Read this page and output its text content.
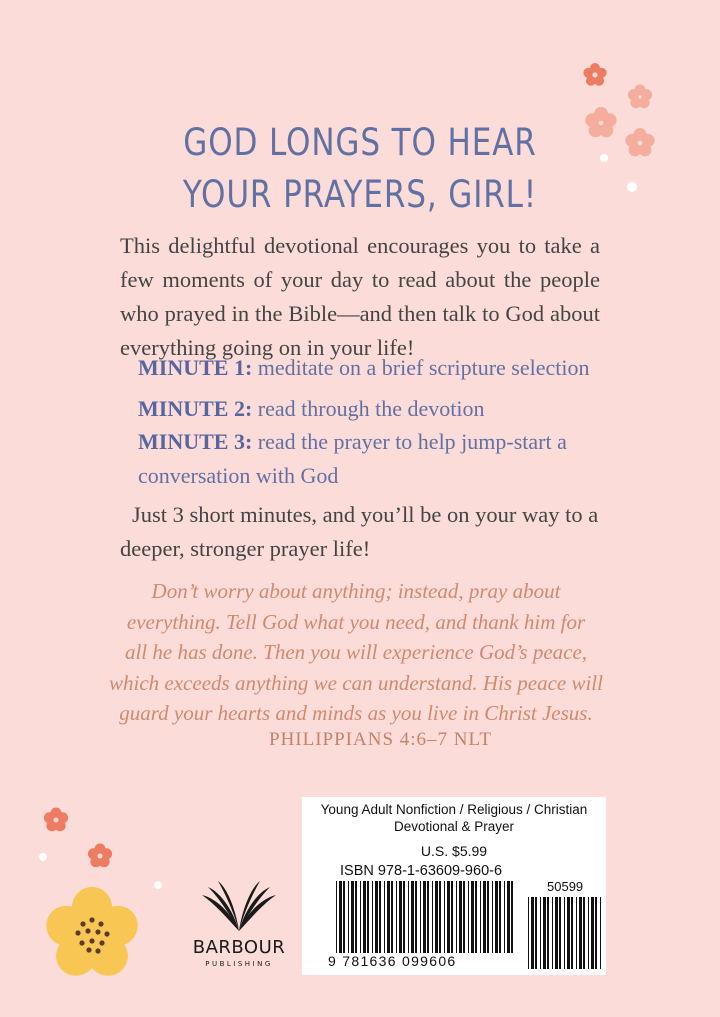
GOD LONGS TO HEAR
YOUR PRAYERS, GIRL!
This delightful devotional encourages you to take a
few moments of your day to read about the people
who prayed in the Bible—and then talk to God about
everything going on in your life!
MINUTE 1: meditate on a brief scripture selection
MINUTE 2: read through the devotion
MINUTE 3: read the prayer to help jump-start a
conversation with God
Just 3 short minutes, and you’ll be on your way to a
deeper, stronger prayer life!
Don’t worry about anything; instead, pray about
everything. Tell God what you need, and thank him for
all he has done. Then you will experience God’s peace,
which exceeds anything we can understand. His peace will
guard your hearts and minds as you live in Christ Jesus.
PHILIPPIANS 4:6–7 NLT
BARBOUR
PUBLISHING
Young Adult Nonfiction / Religious / Christian
Devotional & Prayer
U.S. $5.99
ISBN 978-1-63609-960-6
50599
9 781636 099606
